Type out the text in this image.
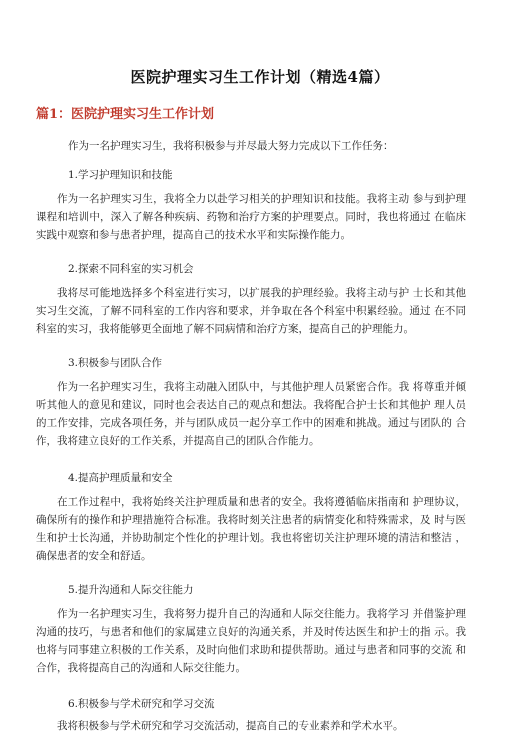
医院护理实习生工作计划（精选4篇）
篇1：医院护理实习生工作计划
作为一名护理实习生，我将积极参与并尽最大努力完成以下工作任务：
1.学习护理知识和技能
作为一名护理实习生，我将全力以赴学习相关的护理知识和技能。我将主动 参与到护理课程和培训中，深入了解各种疾病、药物和治疗方案的护理要点。同时，我也将通过 在临床实践中观察和参与患者护理，提高自己的技术水平和实际操作能力。
2.探索不同科室的实习机会
我将尽可能地选择多个科室进行实习，以扩展我的护理经验。我将主动与护 士长和其他实习生交流，了解不同科室的工作内容和要求，并争取在各个科室中积累经验。通过 在不同科室的实习，我将能够更全面地了解不同病情和治疗方案，提高自己的护理能力。
3.积极参与团队合作
作为一名护理实习生，我将主动融入团队中，与其他护理人员紧密合作。我 将尊重并倾听其他人的意见和建议，同时也会表达自己的观点和想法。我将配合护士长和其他护 理人员的工作安排，完成各项任务，并与团队成员一起分享工作中的困难和挑战。通过与团队的 合作，我将建立良好的工作关系，并提高自己的团队合作能力。
4.提高护理质量和安全
在工作过程中，我将始终关注护理质量和患者的安全。我将遵循临床指南和 护理协议，确保所有的操作和护理措施符合标准。我将时刻关注患者的病情变化和特殊需求，及 时与医生和护士长沟通，并协助制定个性化的护理计划。我也将密切关注护理环境的清洁和整洁 ，确保患者的安全和舒适。
5.提升沟通和人际交往能力
作为一名护理实习生，我将努力提升自己的沟通和人际交往能力。我将学习 并借鉴护理沟通的技巧，与患者和他们的家属建立良好的沟通关系，并及时传达医生和护士的指 示。我也将与同事建立积极的工作关系，及时向他们求助和提供帮助。通过与患者和同事的交流 和合作，我将提高自己的沟通和人际交往能力。
6.积极参与学术研究和学习交流
我将积极参与学术研究和学习交流活动，提高自己的专业素养和学术水平。
